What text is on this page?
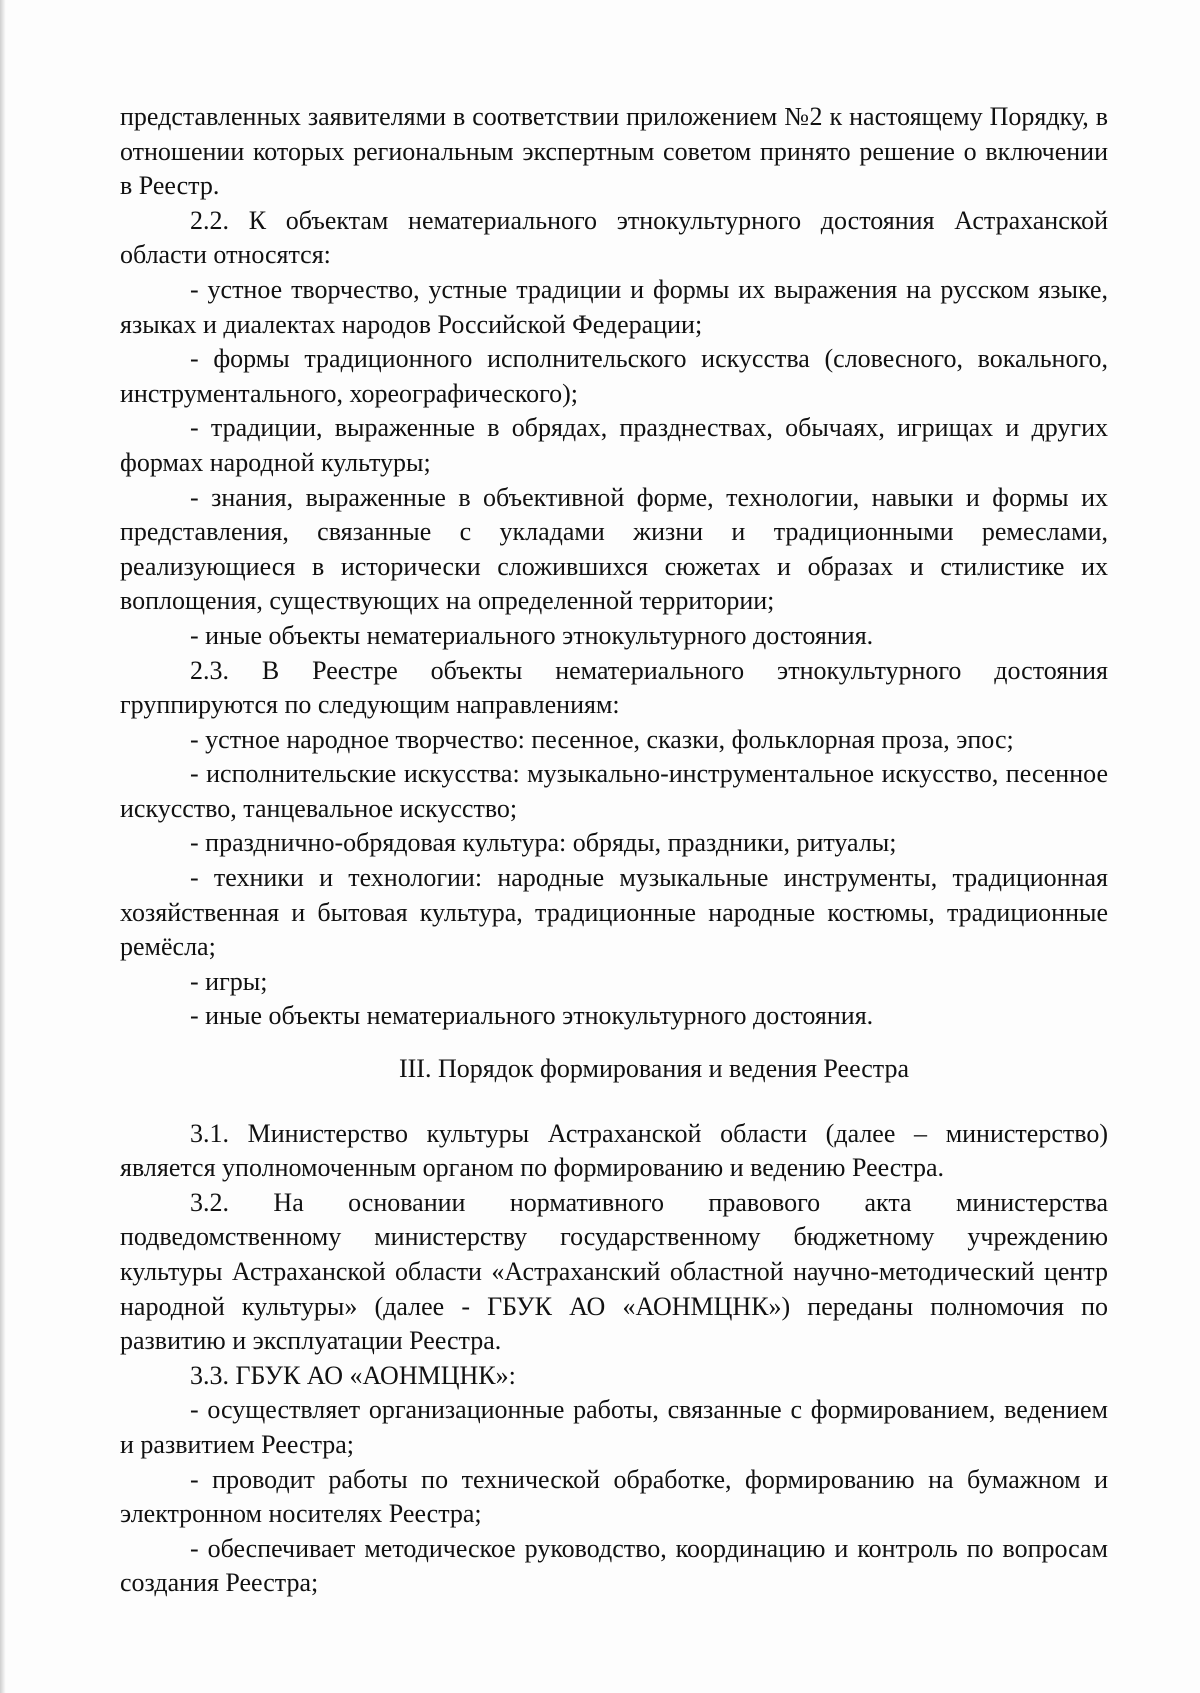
представленных заявителями в соответствии приложением №2 к настоящему Порядку, в отношении которых региональным экспертным советом принято решение о включении в Реестр.

2.2. К объектам нематериального этнокультурного достояния Астраханской области относятся:

- устное творчество, устные традиции и формы их выражения на русском языке, языках и диалектах народов Российской Федерации;

- формы традиционного исполнительского искусства (словесного, вокального, инструментального, хореографического);

- традиции, выраженные в обрядах, празднествах, обычаях, игрищах и других формах народной культуры;

- знания, выраженные в объективной форме, технологии, навыки и формы их представления, связанные с укладами жизни и традиционными ремеслами, реализующиеся в исторически сложившихся сюжетах и образах и стилистике их воплощения, существующих на определенной территории;

- иные объекты нематериального этнокультурного достояния.

2.3. В Реестре объекты нематериального этнокультурного достояния группируются по следующим направлениям:

- устное народное творчество: песенное, сказки, фольклорная проза, эпос;

- исполнительские искусства: музыкально-инструментальное искусство, песенное искусство, танцевальное искусство;

- празднично-обрядовая культура: обряды, праздники, ритуалы;

- техники и технологии: народные музыкальные инструменты, традиционная хозяйственная и бытовая культура, традиционные народные костюмы, традиционные ремёсла;

- игры;

- иные объекты нематериального этнокультурного достояния.

III. Порядок формирования и ведения Реестра

3.1. Министерство культуры Астраханской области (далее – министерство) является уполномоченным органом по формированию и ведению Реестра.

3.2. На основании нормативного правового акта министерства подведомственному министерству государственному бюджетному учреждению культуры Астраханской области «Астраханский областной научно-методический центр народной культуры» (далее - ГБУК АО «АОНМЦНК») переданы полномочия по развитию и эксплуатации Реестра.

3.3. ГБУК АО «АОНМЦНК»:

- осуществляет организационные работы, связанные с формированием, ведением и развитием Реестра;

- проводит работы по технической обработке, формированию на бумажном и электронном носителях Реестра;

- обеспечивает методическое руководство, координацию и контроль по вопросам создания Реестра;
